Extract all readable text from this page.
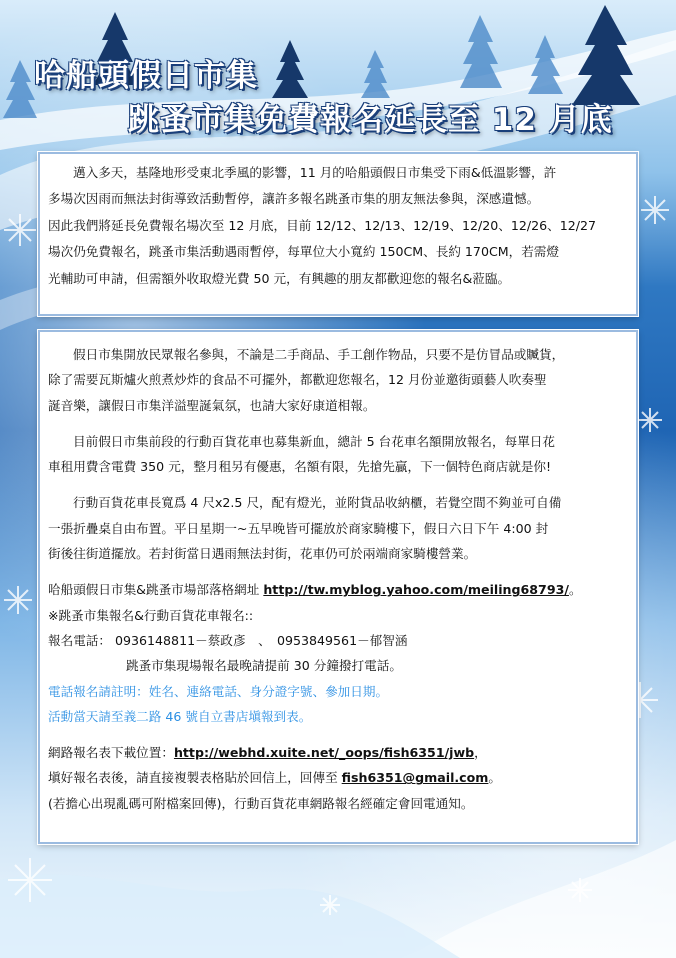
哈船頭假日市集
跳蚤市集免費報名延長至 12 月底

邁入多天，基隆地形受東北季風的影響，11 月的哈船頭假日市集受下雨&低溫影響，許

多場次因雨而無法封街導致活動暫停，讓許多報名跳蚤市集的朋友無法參與，深感遺憾。

因此我們將延長免費報名場次至 12 月底，目前 12/12、12/13、12/19、12/20、12/26、12/27

場次仍免費報名，跳蚤市集活動遇雨暫停，每單位大小寬約 150CM、長約 170CM，若需燈

光輔助可申請，但需額外收取燈光費 50 元，有興趣的朋友都歡迎您的報名&蒞臨。

假日市集開放民眾報名參與，不論是二手商品、手工創作物品，只要不是仿冒品或贓貨，

除了需要瓦斯爐火煎煮炒炸的食品不可擺外，都歡迎您報名，12 月份並邀街頭藝人吹奏聖

誕音樂，讓假日市集洋溢聖誕氣氛，也請大家好康道相報。

目前假日市集前段的行動百貨花車也募集新血，總計 5 台花車名額開放報名，每單日花

車租用費含電費 350 元，整月租另有優惠，名額有限，先搶先贏，下一個特色商店就是你!

行動百貨花車長寬爲 4 尺x2.5 尺，配有燈光，並附貨品收納櫃，若覺空間不夠並可自備

一張折疊桌自由布置。平日星期一~五早晚皆可擺放於商家騎樓下，假日六日下午 4:00 封

街後往街道擺放。若封街當日遇雨無法封街，花車仍可於兩端商家騎樓營業。

哈船頭假日市集&跳蚤市場部落格網址 http://tw.myblog.yahoo.com/meiling68793/。

※跳蚤市集報名&行動百貨花車報名::

報名電話： 0936148811－蔡政彥　、　0953849561－郁智涵

跳蚤市集現場報名最晚請提前 30 分鐘撥打電話。

電話報名請註明：姓名、連絡電話、身分證字號、參加日期。

活動當天請至義二路 46 號自立書店塡報到表。

網路報名表下載位置：http://webhd.xuite.net/_oops/fish6351/jwb，

塡好報名表後，請直接複製表格貼於回信上，回傳至 fish6351@gmail.com。

(若擔心出現亂碼可附檔案回傳)，行動百貨花車網路報名經確定會回電通知。
